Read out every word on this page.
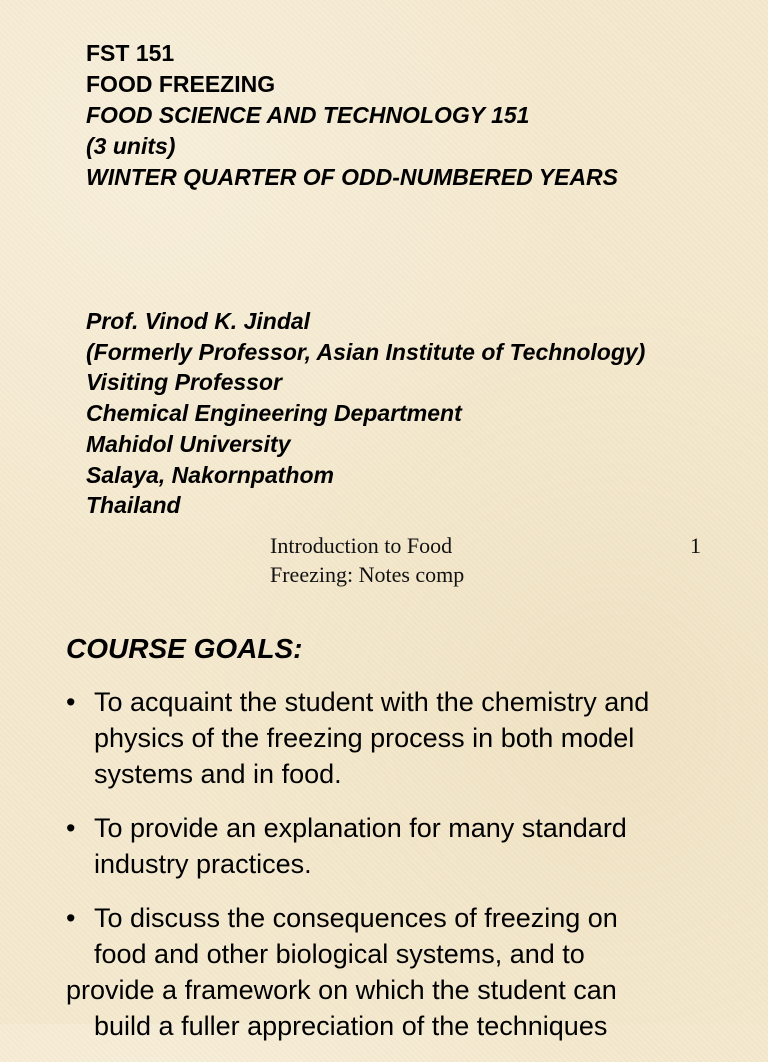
FST 151
FOOD FREEZING
FOOD SCIENCE AND TECHNOLOGY 151
(3 units)
WINTER QUARTER OF ODD-NUMBERED YEARS
Prof. Vinod K. Jindal
(Formerly Professor, Asian Institute of Technology)
Visiting Professor
Chemical Engineering Department
Mahidol University
Salaya, Nakornpathom
Thailand
Introduction to Food
Freezing: Notes comp
1
COURSE GOALS:
• To acquaint the student with the chemistry and
physics of the freezing process in both model
systems and in food.
• To provide an explanation for many standard
industry practices.
• To discuss the consequences of freezing on
food and other biological systems, and to
provide a framework on which the student can
build a fuller appreciation of the techniques
